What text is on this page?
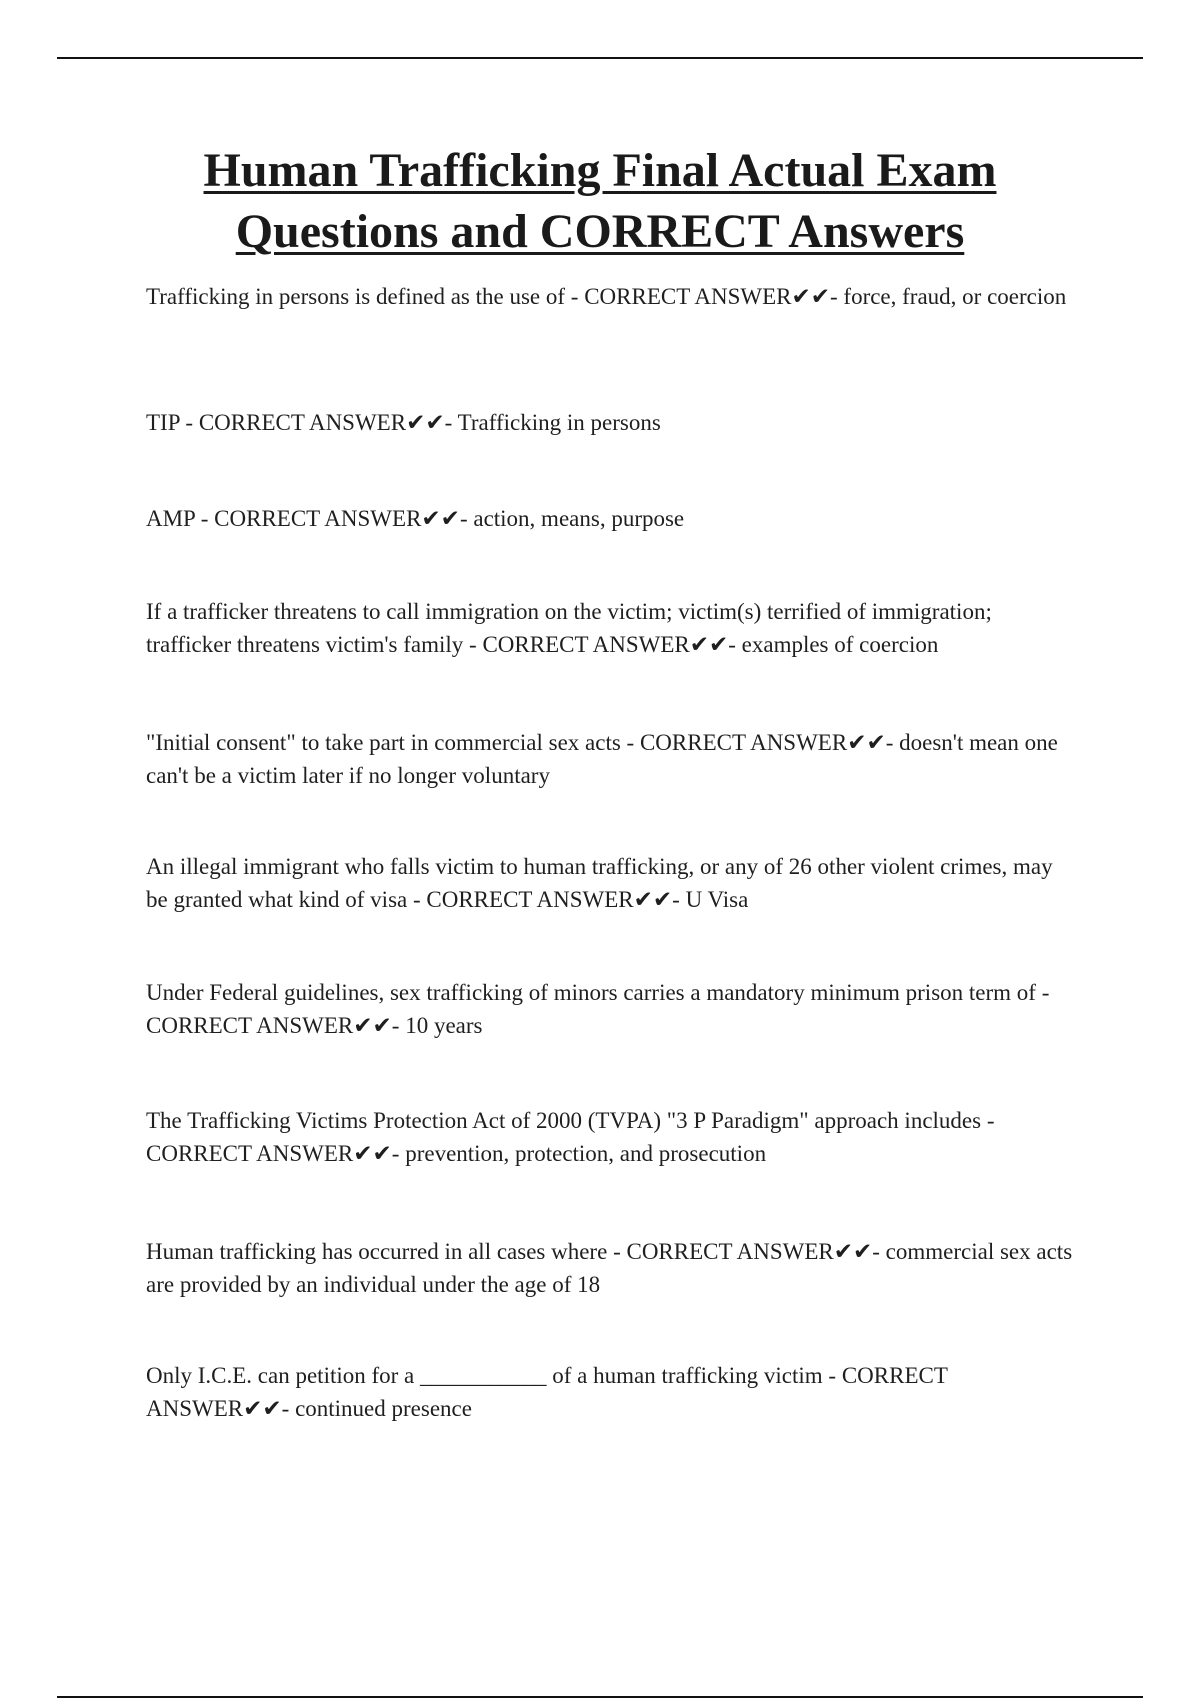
Human Trafficking Final Actual Exam
Questions and CORRECT Answers
Trafficking in persons is defined as the use of - CORRECT ANSWER✔✔- force, fraud, or coercion
TIP - CORRECT ANSWER✔✔- Trafficking in persons
AMP - CORRECT ANSWER✔✔- action, means, purpose
If a trafficker threatens to call immigration on the victim; victim(s) terrified of immigration; trafficker threatens victim's family - CORRECT ANSWER✔✔- examples of coercion
"Initial consent" to take part in commercial sex acts - CORRECT ANSWER✔✔- doesn't mean one can't be a victim later if no longer voluntary
An illegal immigrant who falls victim to human trafficking, or any of 26 other violent crimes, may be granted what kind of visa - CORRECT ANSWER✔✔- U Visa
Under Federal guidelines, sex trafficking of minors carries a mandatory minimum prison term of - CORRECT ANSWER✔✔- 10 years
The Trafficking Victims Protection Act of 2000 (TVPA) "3 P Paradigm" approach includes - CORRECT ANSWER✔✔- prevention, protection, and prosecution
Human trafficking has occurred in all cases where - CORRECT ANSWER✔✔- commercial sex acts are provided by an individual under the age of 18
Only I.C.E. can petition for a ___________ of a human trafficking victim - CORRECT ANSWER✔✔- continued presence
